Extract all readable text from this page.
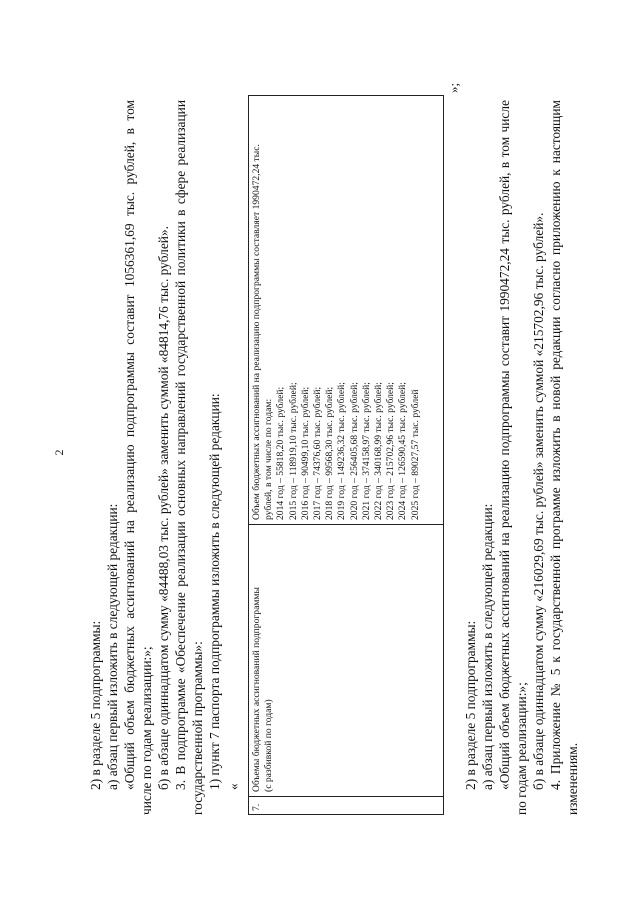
2
2) в разделе 5 подпрограммы: а) абзац первый изложить в следующей редакции: «Общий объем бюджетных ассигнований на реализацию подпрограммы составит 1056361,69 тыс. рублей, в том числе по годам реализации:»; б) в абзаце одиннадцатом сумму «84488,03 тыс. рублей» заменить суммой «84814,76 тыс. рублей». 3. В подпрограмме «Обеспечение реализации основных направлений государственной политики в сфере реализации государственной программы»: 1) пункт 7 паспорта подпрограммы изложить в следующей редакции: «
7.
Объемы бюджетных ассигнований подпрограммы (с разбивкой по годам)
Объем бюджетных ассигнований на реализацию подпрограммы составляет 1990472,24 тыс. рублей, в том числе по годам: 2014 год – 55818,20 тыс. рублей; 2015 год – 118919,10 тыс. рублей; 2016 год – 90499,10 тыс. рублей; 2017 год – 74376,60 тыс. рублей; 2018 год – 99568,30 тыс. рублей; 2019 год – 149236,32 тыс. рублей; 2020 год – 256405,68 тыс. рублей; 2021 год – 374158,97 тыс. рублей; 2022 год – 340168,99 тыс. рублей; 2023 год – 215702,96 тыс. рублей; 2024 год – 126590,45 тыс. рублей; 2025 год – 89027,57 тыс. рублей
»;
2) в разделе 5 подпрограммы: а) абзац первый изложить в следующей редакции: «Общий объем бюджетных ассигнований на реализацию подпрограммы составит 1990472,24 тыс. рублей, в том числе по годам реализации:»; б) в абзаце одиннадцатом сумму «216029,69 тыс. рублей» заменить суммой «215702,96 тыс. рублей». 4. Приложение № 5 к государственной программе изложить в новой редакции согласно приложению к настоящим изменениям.
